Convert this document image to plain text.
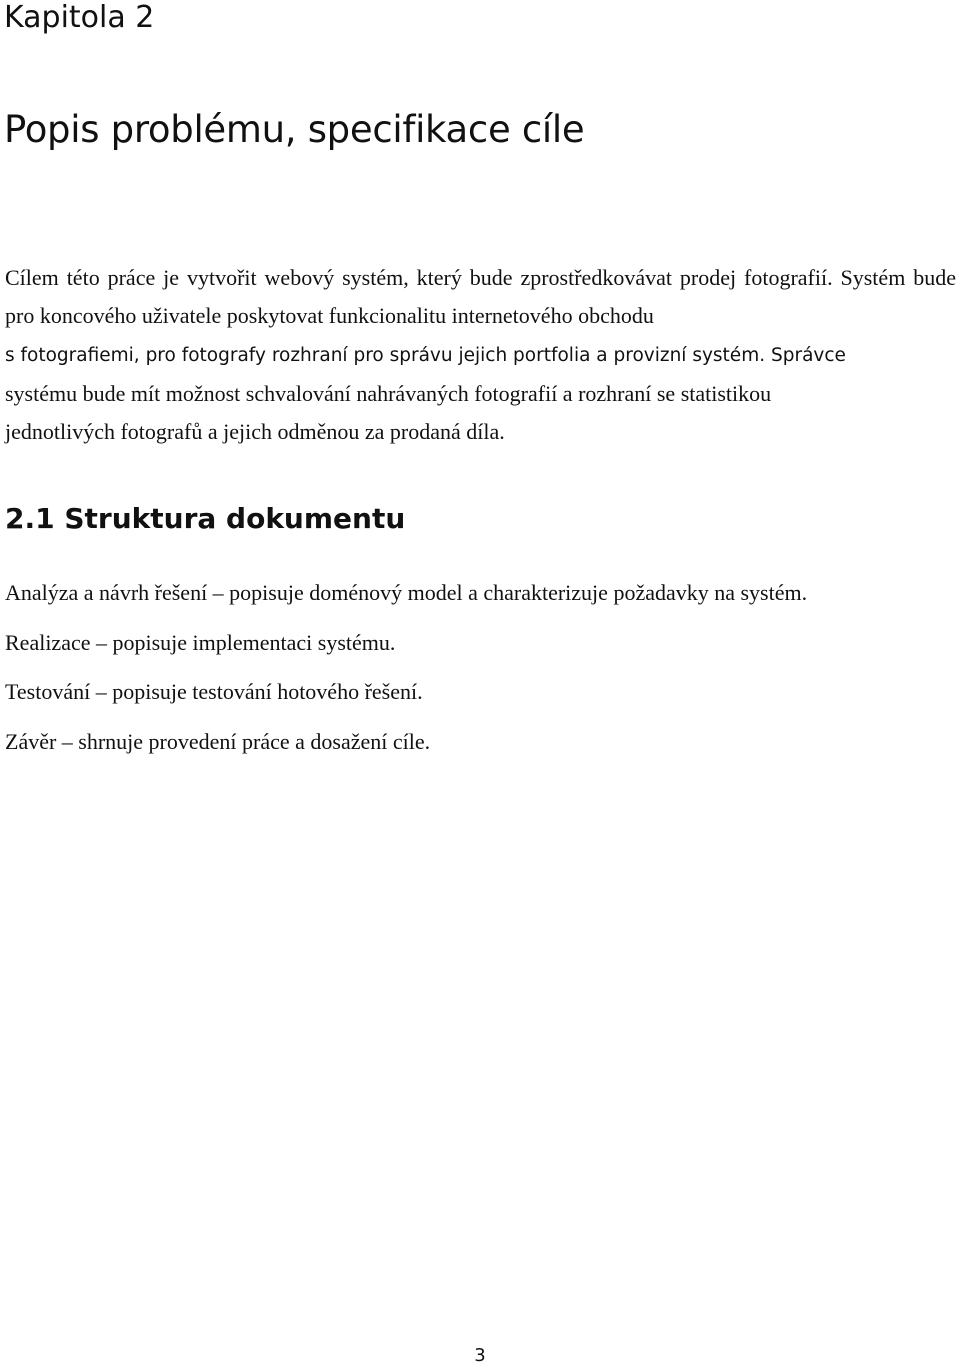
Kapitola 2
Popis problému, specifikace cíle
Cílem této práce je vytvořit webový systém, který bude zprostředkovávat prodej fotografií. Systém bude pro koncového uživatele poskytovat funkcionalitu internetového obchodu
s fotografiemi, pro fotografy rozhraní pro správu jejich portfolia a provizní systém. Správce
systému bude mít možnost schvalování nahrávaných fotografií a rozhraní se statistikou
jednotlivých fotografů a jejich odměnou za prodaná díla.
2.1 Struktura dokumentu
Analýza a návrh řešení – popisuje doménový model a charakterizuje požadavky na systém.
Realizace – popisuje implementaci systému.
Testování – popisuje testování hotového řešení.
Závěr – shrnuje provedení práce a dosažení cíle.
3
